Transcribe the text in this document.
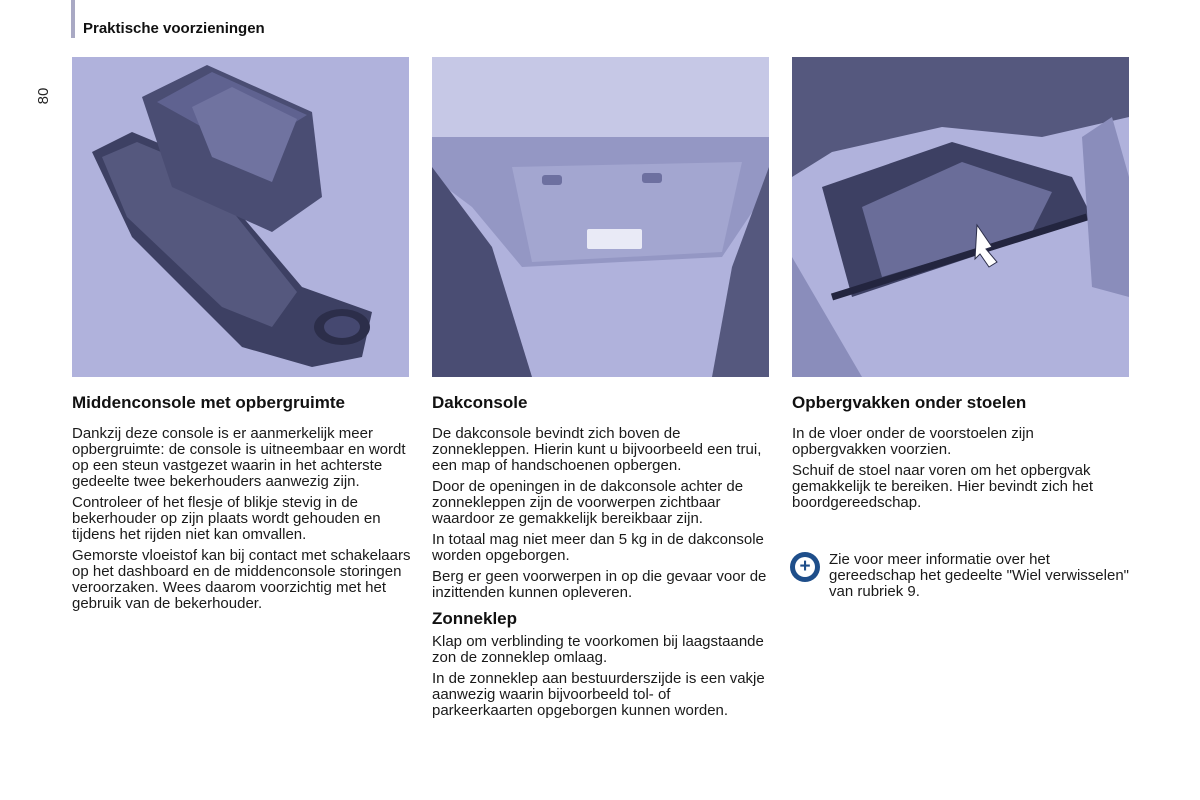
80
Praktische voorzieningen
Middenconsole met opbergruimte

Dankzij deze console is er aanmerkelijk meer opbergruimte: de console is uitneembaar en wordt op een steun vastgezet waarin in het achterste gedeelte twee bekerhouders aanwezig zijn.

Controleer of het flesje of blikje stevig in de bekerhouder op zijn plaats wordt gehouden en tijdens het rijden niet kan omvallen.

Gemorste vloeistof kan bij contact met schakelaars op het dashboard en de middenconsole storingen veroorzaken. Wees daarom voorzichtig met het gebruik van de bekerhouder.

Dakconsole

De dakconsole bevindt zich boven de zonnekleppen. Hierin kunt u bijvoorbeeld een trui, een map of handschoenen opbergen.

Door de openingen in de dakconsole achter de zonnekleppen zijn de voorwerpen zichtbaar waardoor ze gemakkelijk bereikbaar zijn.

In totaal mag niet meer dan 5 kg in de dakconsole worden opgeborgen.

Berg er geen voorwerpen in op die gevaar voor de inzittenden kunnen opleveren.

Zonneklep

Klap om verblinding te voorkomen bij laagstaande zon de zonneklep omlaag.

In de zonneklep aan bestuurderszijde is een vakje aanwezig waarin bijvoorbeeld tol- of parkeerkaarten opgeborgen kunnen worden.

Opbergvakken onder stoelen

In de vloer onder de voorstoelen zijn opbergvakken voorzien.

Schuif de stoel naar voren om het opbergvak gemakkelijk te bereiken. Hier bevindt zich het boordgereedschap.

+ Zie voor meer informatie over het gereedschap het gedeelte "Wiel verwisselen" van rubriek 9.
